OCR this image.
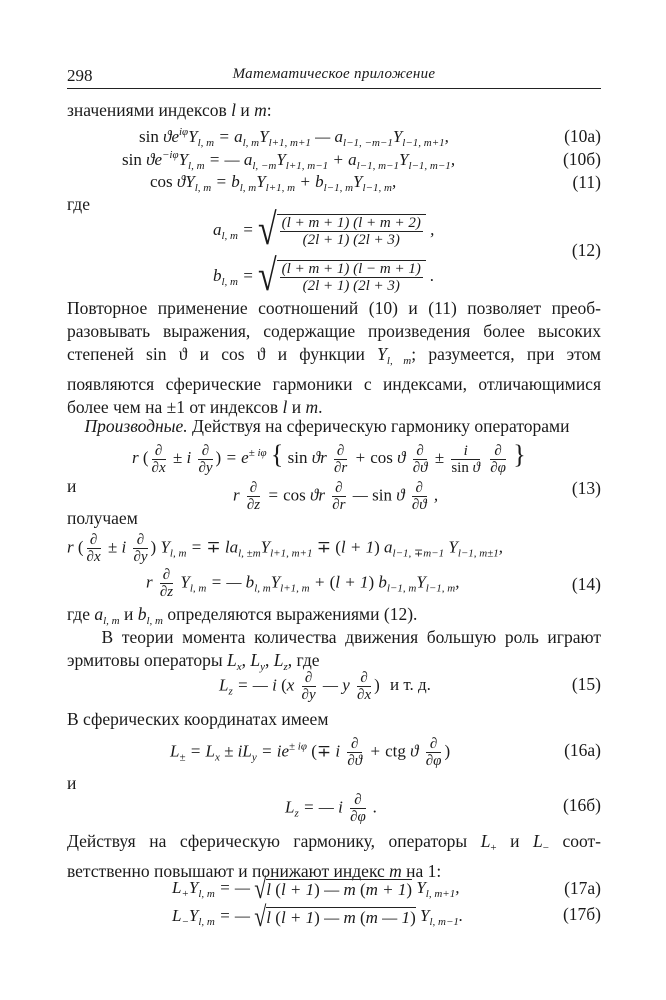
298	Математическое приложение
значениями индексов l и m:
$\sin ϑe^{i\varphi}Y_{l, m} = a_{l, m}Y_{l+1, m+1}$ — $a_{l-1, -m-1}Y_{l-1, m+1}$,	(10а)
$\sin ϑe^{-i\varphi}Y_{l, m}$ = — $a_{l, -m}Y_{l+1, m-1} + a_{l-1, m-1}Y_{l-1, m-1}$,	(10б)
$\cos ϑY_{l, m} = b_{l, m}Y_{l+1, m} + b_{l-1, m}Y_{l-1, m}$,	(11)
где
$a_{l, m}$ = √ $\frac{(l + m + 1) (l + m + 2)}{(2l + 1) (2l + 3)}$ ,
$b_{l, m}$ = √ $\frac{(l + m + 1) (l - m + 1)}{(2l + 1) (2l + 3)}$ .
(12)
Повторное применение соотношений (10) и (11) позволяет преоб-
разовывать выражения, содержащие произведения более высоких
степеней sin ϑ и cos ϑ и функции $Y_{l, m}$; разумеется, при этом
появляются сферические гармоники с индексами, отличающимися
более чем на ±1 от индексов l и m.
Производные. Действуя на сферическую гармонику операторами
r ( $\frac{\partial}{\partial x} \pm i \frac{\partial}{\partial y}$ ) = $e^{\pm i\varphi}$ { sin ϑr $\frac{\partial}{\partial r} + \cos ϑ \frac{\partial}{\partial ϑ} \pm \frac{i}{\text{sin ϑ}}$
$\frac{\partial}{\partial\varphi}$ }
и	r $\frac{\partial}{\partial z} = \cos ϑr \frac{\partial}{\partial r}$ — sin ϑ $\frac{\partial}{\partial ϑ}$ ,	(13)
получаем
r ( $\frac{\partial}{\partial x} \pm i \frac{\partial}{\partial y}$ ) $Y_{l, m}$ = ∓ $la_{l, \pm m}Y_{l+1, m+1} \mp (l + 1)$ $a_{l-1, \mp m-1}$ $Y_{l-1, m\pm 1}$,
r $\frac{\partial}{\partial z} Y_{l, m}$ = — $b_{l, m}Y_{l+1, m} + (l + 1)$ $b_{l-1, m}Y_{l-1, m}$,	(14)
где $a_{l, m}$ и $b_{l, m}$ определяются выражениями (12).
В теории момента количества движения большую роль играют
эрмитовы операторы $L_x$, $L_y$, $L_z$, где
$L_z$ = — i ($x \frac{\partial}{\partial y}$ — y $\frac{\partial}{\partial x}$ ) и т. д.	(15)
В сферических координатах имеем
$L_\pm = L_x \pm iL_y = ie^{\pm i\varphi}$ (∓ i $\frac{\partial}{\partial ϑ}$ + ctg ϑ $\frac{\partial}{\partial\varphi}$ )	(16а)
и
$L_z$ = — i $\frac{\partial}{\partial\varphi}$ .	(16б)
Действуя на сферическую гармонику, операторы $L_+$ и $L_-$ соот-
ветственно повышают и понижают индекс m на 1:
$L_+Y_{l, m}$ = — √l (l + 1) — m (m + 1) $Y_{l, m+1}$,	(17а)
$L_-Y_{l, m}$ = — √l (l + 1) — m (m — 1) $Y_{l, m-1}$.	(17б)
